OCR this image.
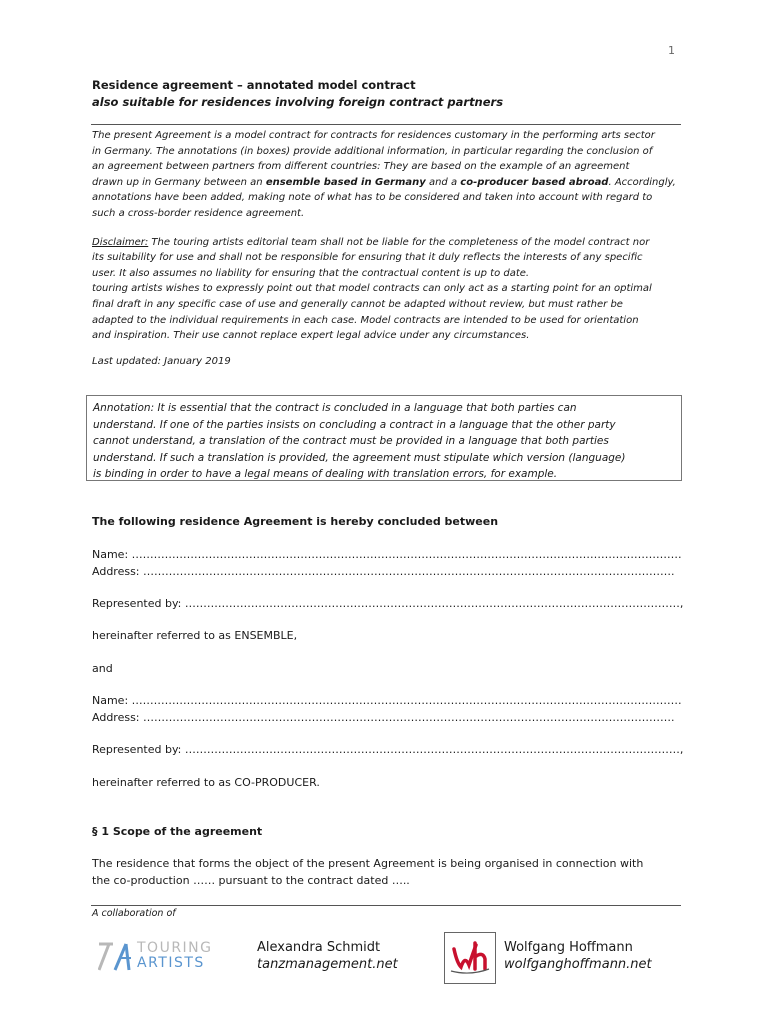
1
Residence agreement – annotated model contract
also suitable for residences involving foreign contract partners
The present Agreement is a model contract for contracts for residences customary in the performing arts sector
in Germany. The annotations (in boxes) provide additional information, in particular regarding the conclusion of
an agreement between partners from different countries: They are based on the example of an agreement
drawn up in Germany between an ensemble based in Germany and a co-producer based abroad. Accordingly,
annotations have been added, making note of what has to be considered and taken into account with regard to
such a cross-border residence agreement.
Disclaimer: The touring artists editorial team shall not be liable for the completeness of the model contract nor
its suitability for use and shall not be responsible for ensuring that it duly reflects the interests of any specific
user. It also assumes no liability for ensuring that the contractual content is up to date.
touring artists wishes to expressly point out that model contracts can only act as a starting point for an optimal
final draft in any specific case of use and generally cannot be adapted without review, but must rather be
adapted to the individual requirements in each case. Model contracts are intended to be used for orientation
and inspiration. Their use cannot replace expert legal advice under any circumstances.
Last updated: January 2019
Annotation: It is essential that the contract is concluded in a language that both parties can
understand. If one of the parties insists on concluding a contract in a language that the other party
cannot understand, a translation of the contract must be provided in a language that both parties
understand. If such a translation is provided, the agreement must stipulate which version (language)
is binding in order to have a legal means of dealing with translation errors, for example.
The following residence Agreement is hereby concluded between
Name: ……………………………………………………………………………………………………………………………………
Address: ……………………………………………………………………………………………………………………………….
Represented by: ………………………………………………………………………………………………………………………,
hereinafter referred to as ENSEMBLE,
and
Name: ……………………………………………………………………………………………………………………………………
Address: ……………………………………………………………………………………………………………………………….
Represented by: ………………………………………………………………………………………………………………………,
hereinafter referred to as CO-PRODUCER.
§ 1 Scope of the agreement
The residence that forms the object of the present Agreement is being organised in connection with
the co-production …… pursuant to the contract dated …..
A collaboration of
TOURING
ARTISTS
Alexandra Schmidt
tanzmanagement.net
Wolfgang Hoffmann
wolfganghoffmann.net
